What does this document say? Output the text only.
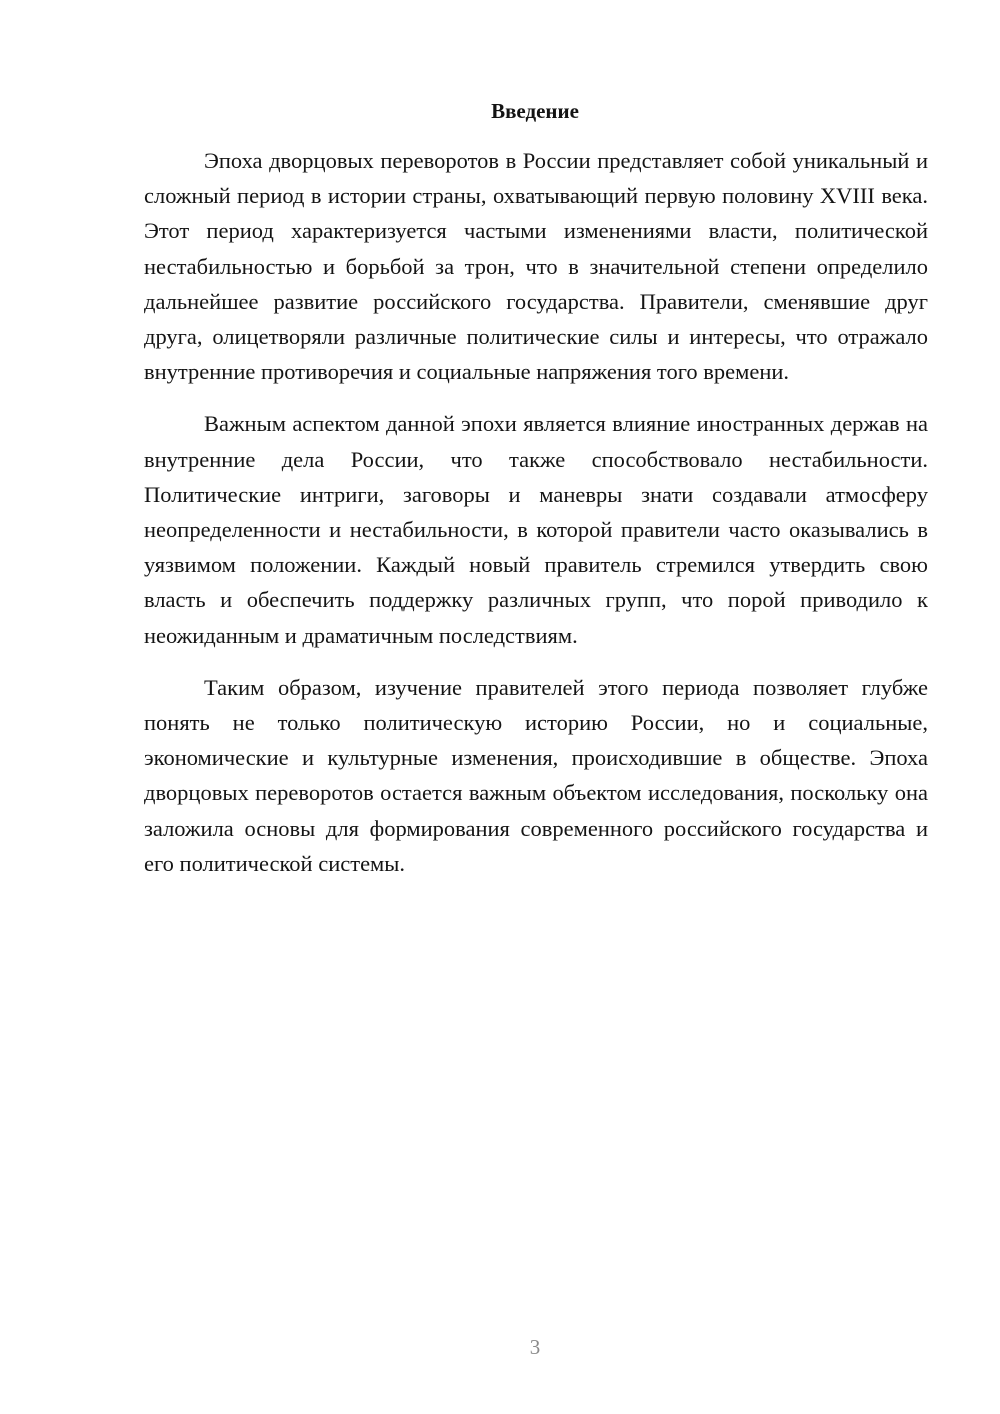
Введение

Эпоха дворцовых переворотов в России представляет собой уникальный и сложный период в истории страны, охватывающий первую половину XVIII века. Этот период характеризуется частыми изменениями власти, политической нестабильностью и борьбой за трон, что в значительной степени определило дальнейшее развитие российского государства. Правители, сменявшие друг друга, олицетворяли различные политические силы и интересы, что отражало внутренние противоречия и социальные напряжения того времени.

Важным аспектом данной эпохи является влияние иностранных держав на внутренние дела России, что также способствовало нестабильности. Политические интриги, заговоры и маневры знати создавали атмосферу неопределенности и нестабильности, в которой правители часто оказывались в уязвимом положении. Каждый новый правитель стремился утвердить свою власть и обеспечить поддержку различных групп, что порой приводило к неожиданным и драматичным последствиям.

Таким образом, изучение правителей этого периода позволяет глубже понять не только политическую историю России, но и социальные, экономические и культурные изменения, происходившие в обществе. Эпоха дворцовых переворотов остается важным объектом исследования, поскольку она заложила основы для формирования современного российского государства и его политической системы.

3
